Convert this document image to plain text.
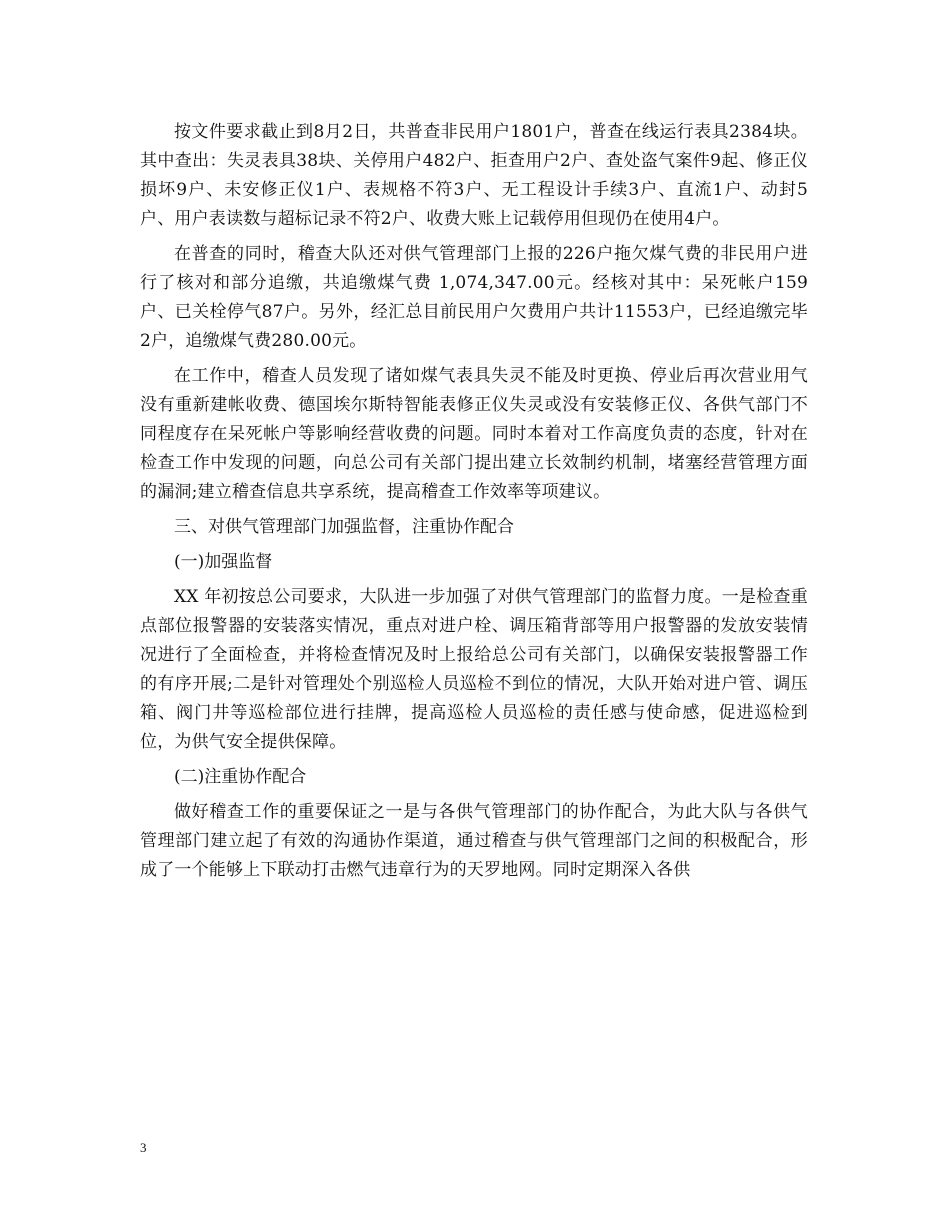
按文件要求截止到8月2日，共普查非民用户1801户，普查在线运行表具2384块。其中查出：失灵表具38块、关停用户482户、拒查用户2户、查处盗气案件9起、修正仪损坏9户、未安修正仪1户、表规格不符3户、无工程设计手续3户、直流1户、动封5户、用户表读数与超标记录不符2户、收费大账上记载停用但现仍在使用4户。

在普查的同时，稽查大队还对供气管理部门上报的226户拖欠煤气费的非民用户进行了核对和部分追缴，共追缴煤气费 1,074,347.00元。经核对其中：呆死帐户159户、已关栓停气87户。另外，经汇总目前民用户欠费用户共计11553户，已经追缴完毕2户，追缴煤气费280.00元。

在工作中，稽查人员发现了诸如煤气表具失灵不能及时更换、停业后再次营业用气没有重新建帐收费、德国埃尔斯特智能表修正仪失灵或没有安装修正仪、各供气部门不同程度存在呆死帐户等影响经营收费的问题。同时本着对工作高度负责的态度，针对在检查工作中发现的问题，向总公司有关部门提出建立长效制约机制，堵塞经营管理方面的漏洞;建立稽查信息共享系统，提高稽查工作效率等项建议。

三、对供气管理部门加强监督，注重协作配合

(一)加强监督

XX 年初按总公司要求，大队进一步加强了对供气管理部门的监督力度。一是检查重点部位报警器的安装落实情况，重点对进户栓、调压箱背部等用户报警器的发放安装情况进行了全面检查，并将检查情况及时上报给总公司有关部门，以确保安装报警器工作的有序开展;二是针对管理处个别巡检人员巡检不到位的情况，大队开始对进户管、调压箱、阀门井等巡检部位进行挂牌，提高巡检人员巡检的责任感与使命感，促进巡检到位，为供气安全提供保障。

(二)注重协作配合

做好稽查工作的重要保证之一是与各供气管理部门的协作配合，为此大队与各供气管理部门建立起了有效的沟通协作渠道，通过稽查与供气管理部门之间的积极配合，形成了一个能够上下联动打击燃气违章行为的天罗地网。同时定期深入各供

3
